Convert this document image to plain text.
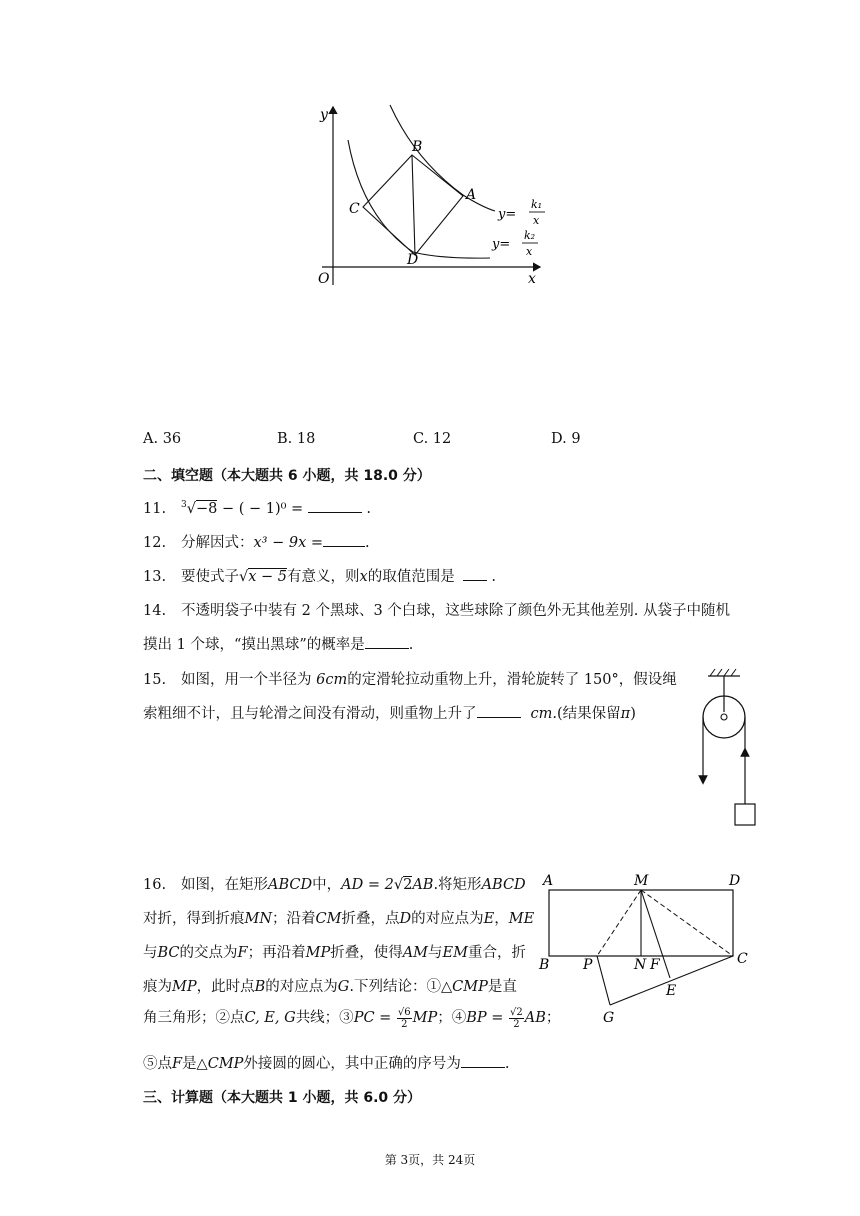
y
O	x
B
A
C
D
y=
k₁
x
y=
k₂
x
A. 36	B. 18	C. 12	D. 9
二、填空题（本大题共 6 小题，共 18.0 分）
11. $^3$√−8 − ( − 1)⁰ =	.
12. 分解因式：x³ − 9x =	.
13. 要使式子√x − 5有意义，则x的取值范围是 .
14. 不透明袋子中装有 2 个黑球、3 个白球，这些球除了颜色外无其他差别. 从袋子中随机
摸出 1 个球，“摸出黑球”的概率是	.
15. 如图，用一个半径为 6cm的定滑轮拉动重物上升，滑轮旋转了 150°，假设绳
索粗细不计，且与轮滑之间没有滑动，则重物上升了	cm.(结果保留π)
16. 如图，在矩形ABCD中，AD = 2√2AB.将矩形ABCD
对折，得到折痕MN；沿着CM折叠，点D的对应点为E，ME
与BC的交点为F；再沿着MP折叠，使得AM与EM重合，折
痕为MP，此时点B的对应点为G.下列结论：①△CMP是直
角三角形；②点C, E, G共线；③PC = $\frac{√6}{2}$ MP；④BP = $\frac{√2}{2}$ AB；
⑤点F是△CMP外接圆的圆心，其中正确的序号为	.
A	M	D
B P	N F	C
E
G
三、计算题（本大题共 1 小题，共 6.0 分）
第 3页，共 24页
